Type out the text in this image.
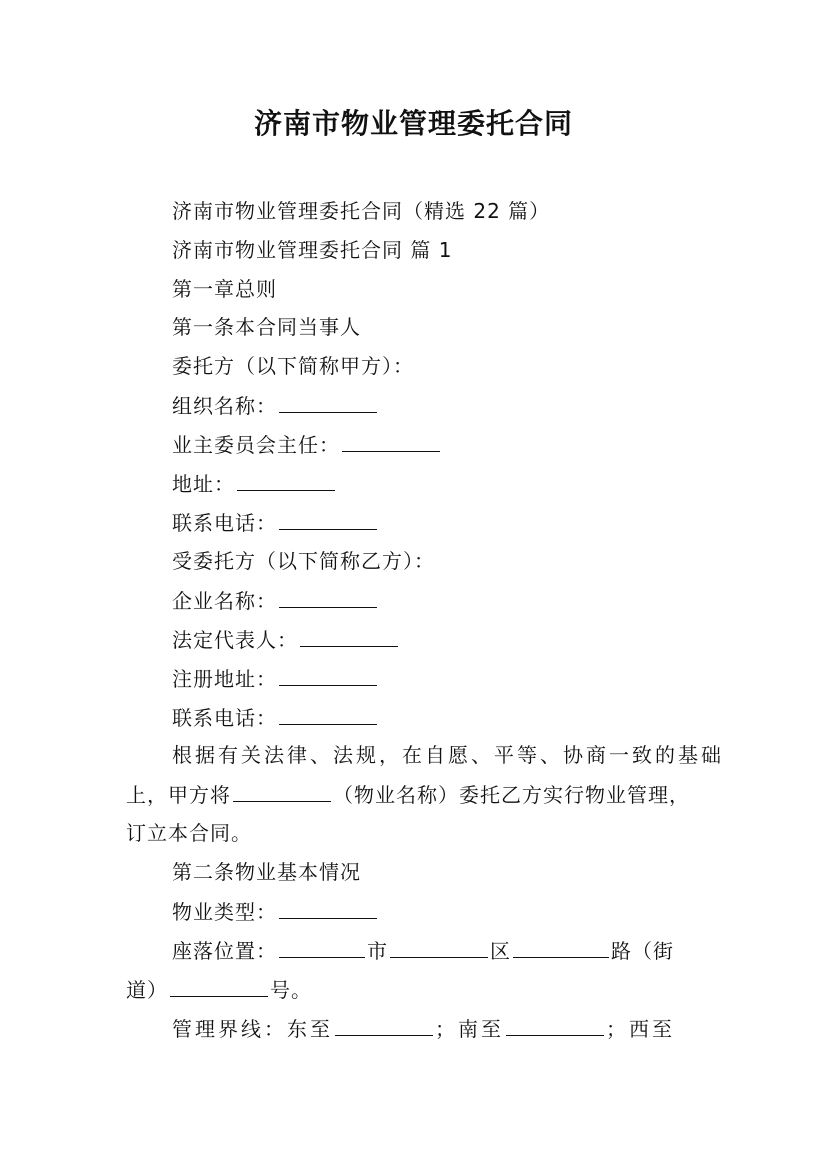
济南市物业管理委托合同
济南市物业管理委托合同（精选 22 篇）
济南市物业管理委托合同 篇 1
第一章总则
第一条本合同当事人
委托方（以下简称甲方）：
组织名称：
业主委员会主任：
地址：
联系电话：
受委托方（以下简称乙方）：
企业名称：
法定代表人：
注册地址：
联系电话：
根据有关法律、法规，在自愿、平等、协商一致的基础
上，甲方将	（物业名称）委托乙方实行物业管理，
订立本合同。
第二条物业基本情况
物业类型：
座落位置：	市	区	路（街
道）	号。
管理界线：东至	；南至	；西至
